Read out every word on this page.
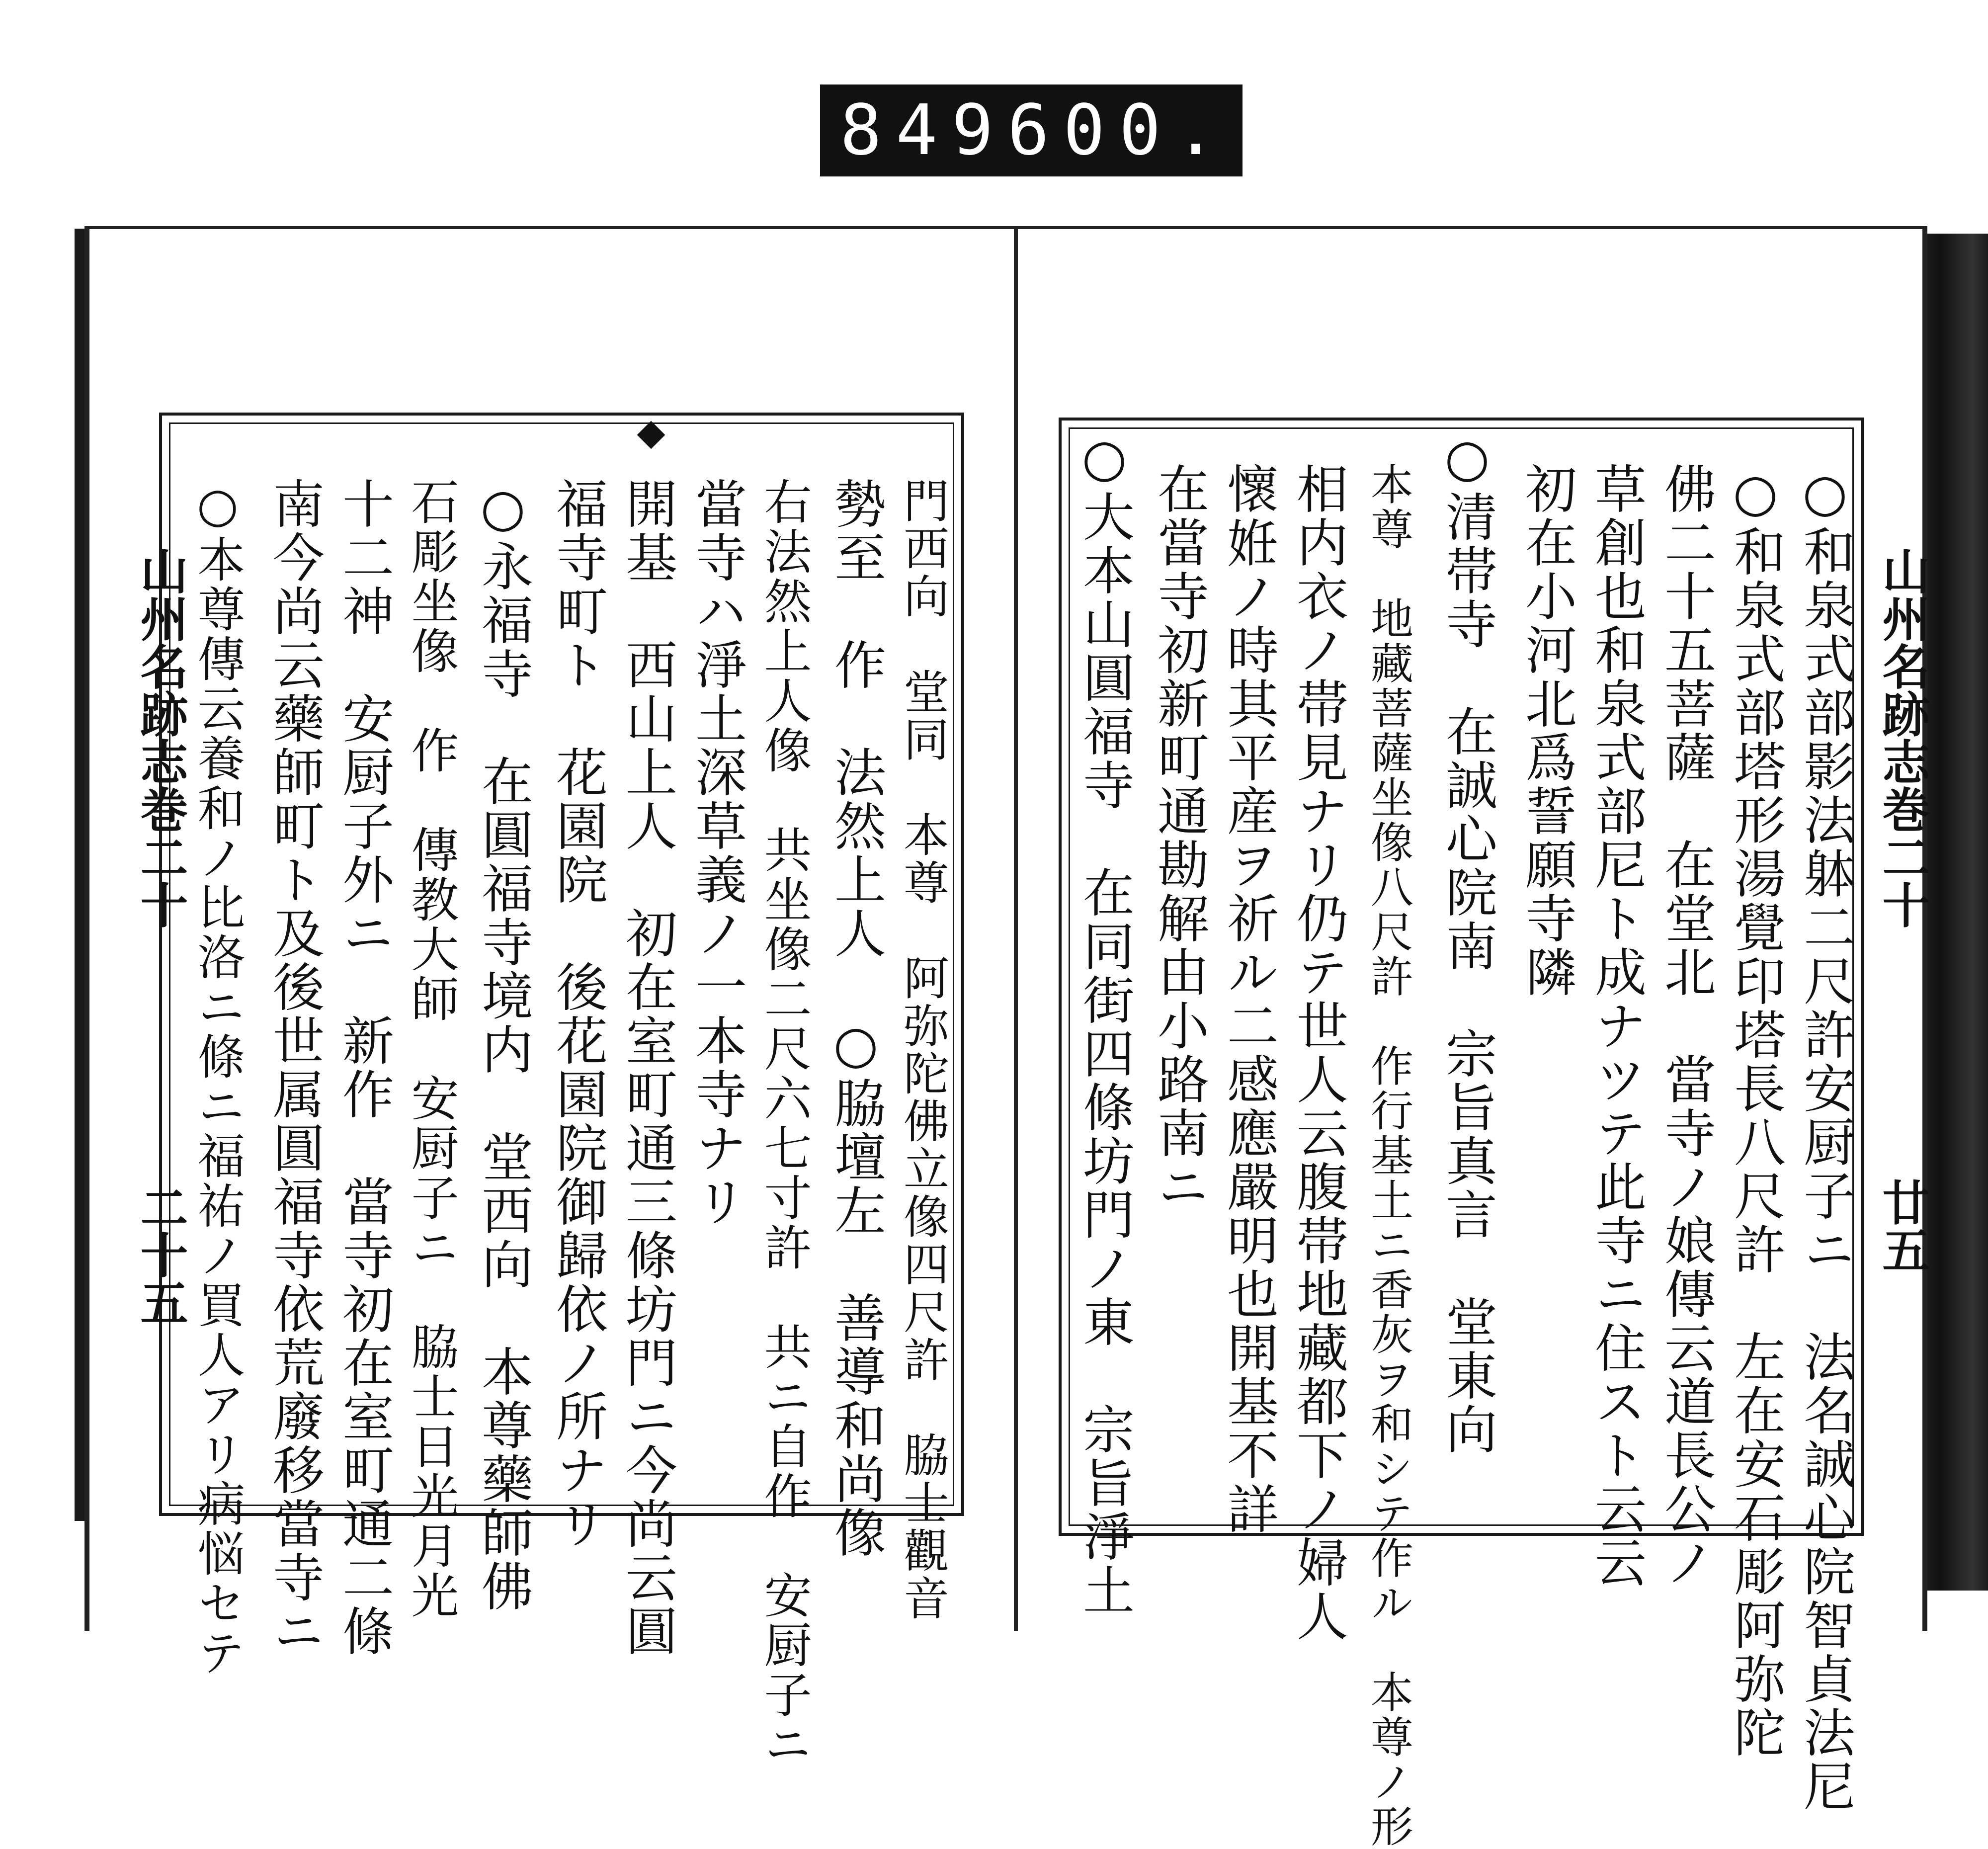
849 600.
山州名跡志巻二十
二十五
山州名跡志巻二十
廿五
○和泉式部影法躰二尺許安厨子ニ　法名誠心院智貞法尼
○和泉式部塔形湯覺印塔長八尺許　左在安石彫阿弥陀
佛二十五菩薩　在堂北　當寺ノ娘傳云道長公ノ
草創也和泉式部尼ト成ナツテ此寺ニ住スト云云
初在小河北爲誓願寺隣
○清帯寺　在誠心院南　宗旨真言　堂東向
本尊　地藏菩薩坐像八尺許　作行基土ニ香灰ヲ和シテ作ル　本尊ノ形
相内衣ノ帯見ナリ仍テ世人云腹帯地藏都下ノ婦人
懷姙ノ時其平産ヲ祈ル二感應嚴明也開基不詳
在當寺初新町通勘解由小路南ニ
○大本山圓福寺　在同街四條坊門ノ東　宗旨淨土
門西向　堂同　本尊　阿弥陀佛立像四尺許　脇士觀音
勢至　作　法然上人　○脇壇左　善導和尚像
右法然上人像　共坐像二尺六七寸許　共ニ自作　安厨子ニ
當寺ハ淨土深草義ノ一本寺ナリ
開基　西山上人　初在室町通三條坊門ニ今尚云圓
福寺町ト　花園院　後花園院御歸依ノ所ナリ
○永福寺　在圓福寺境内　堂西向　本尊藥師佛
石彫坐像　作　傳教大師　安厨子ニ　脇士日光月光
十二神　安厨子外ニ　新作　當寺初在室町通二條
南今尚云藥師町ト及後世属圓福寺依荒廢移當寺ニ
○本尊傳云養和ノ比洛ニ條ニ福祐ノ買人アリ病悩セテ
